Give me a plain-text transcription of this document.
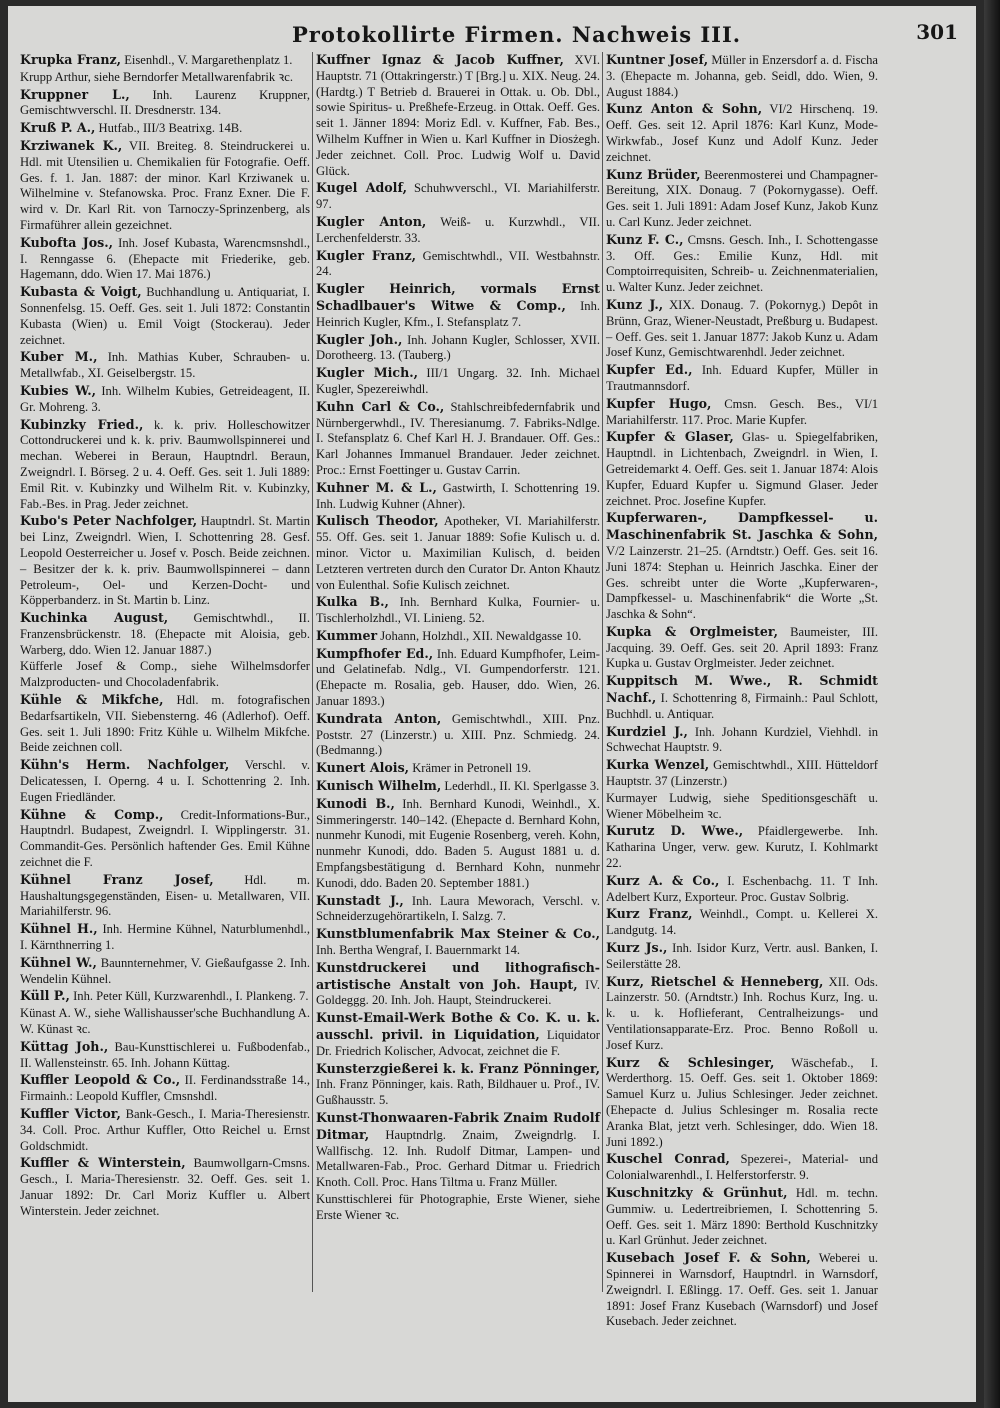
Protokollirte Firmen. Nachweis III.	301
Krupka Franz, Eisenhdl., V. Margarethenplatz 1.
Krupp Arthur, siehe Berndorfer Metallwarenfabrik ꝛc.
Kruppner L., Inh. Laurenz Kruppner, Gemischtwverschl. II. Dresdnerstr. 134.
Kruß P. A., Hutfab., III/3 Beatrixg. 14B.
Krziwanek K., VII. Breiteg. 8. Steindruckerei u. Hdl. mit Utensilien u. Chemikalien für Fotografie. Oeff. Ges. f. 1. Jan. 1887: der minor. Karl Krziwanek u. Wilhelmine v. Stefanowska. Proc. Franz Exner. Die F. wird v. Dr. Karl Rit. von Tarnoczy-Sprinzenberg, als Firmaführer allein gezeichnet.
Kubofta Jos., Inh. Josef Kubasta, Warencmsnshdl., I. Renngasse 6. (Ehepacte mit Friederike, geb. Hagemann, ddo. Wien 17. Mai 1876.)
Kubasta & Voigt, Buchhandlung u. Antiquariat, I. Sonnenfelsg. 15. Oeff. Ges. seit 1. Juli 1872: Constantin Kubasta (Wien) u. Emil Voigt (Stockerau). Jeder zeichnet.
Kuber M., Inh. Mathias Kuber, Schrauben- u. Metallwfab., XI. Geiselbergstr. 15.
Kubies W., Inh. Wilhelm Kubies, Getreideagent, II. Gr. Mohreng. 3.
Kubinzky Fried., k. k. priv. Holleschowitzer Cottondruckerei und k. k. priv. Baumwollspinnerei und mechan. Weberei in Beraun, Hauptndrl. Beraun, Zweigndrl. I. Börseg. 2 u. 4. Oeff. Ges. seit 1. Juli 1889: Emil Rit. v. Kubinzky und Wilhelm Rit. v. Kubinzky, Fab.-Bes. in Prag. Jeder zeichnet.
Kubo's Peter Nachfolger, Hauptndrl. St. Martin bei Linz, Zweigndrl. Wien, I. Schottenring 28. Gesf. Leopold Oesterreicher u. Josef v. Posch. Beide zeichnen. – Besitzer der k. k. priv. Baumwollspinnerei – dann Petroleum-, Oel- und Kerzen-Docht- und Köpperbanderz. in St. Martin b. Linz.
Kuchinka August, Gemischtwhdl., II. Franzensbrückenstr. 18. (Ehepacte mit Aloisia, geb. Warberg, ddo. Wien 12. Januar 1887.)
Küfferle Josef & Comp., siehe Wilhelmsdorfer Malzproducten- und Chocoladenfabrik.
Kühle & Mikfche, Hdl. m. fotografischen Bedarfsartikeln, VII. Siebensterng. 46 (Adlerhof). Oeff. Ges. seit 1. Juli 1890: Fritz Kühle u. Wilhelm Mikfche. Beide zeichnen coll.
Kühn's Herm. Nachfolger, Verschl. v. Delicatessen, I. Operng. 4 u. I. Schottenring 2. Inh. Eugen Friedländer.
Kühne & Comp., Credit-Informations-Bur., Hauptndrl. Budapest, Zweigndrl. I. Wipplingerstr. 31. Commandit-Ges. Persönlich haftender Ges. Emil Kühne zeichnet die F.
Kühnel Franz Josef, Hdl. m. Haushaltungsgegenständen, Eisen- u. Metallwaren, VII. Mariahilferstr. 96.
Kühnel H., Inh. Hermine Kühnel, Naturblumenhdl., I. Kärnthnerring 1.
Kühnel W., Baunnternehmer, V. Gießaufgasse 2. Inh. Wendelin Kühnel.
Küll P., Inh. Peter Küll, Kurzwarenhdl., I. Plankeng. 7.
Künast A. W., siehe Wallishausser'sche Buchhandlung A. W. Künast ꝛc.
Küttag Joh., Bau-Kunsttischlerei u. Fußbodenfab., II. Wallensteinstr. 65. Inh. Johann Küttag.
Kuffler Leopold & Co., II. Ferdinandsstraße 14., Firmainh.: Leopold Kuffler, Cmsnshdl.
Kuffler Victor, Bank-Gesch., I. Maria-Theresienstr. 34. Coll. Proc. Arthur Kuffler, Otto Reichel u. Ernst Goldschmidt.
Kuffler & Winterstein, Baumwollgarn-Cmsns. Gesch., I. Maria-Theresienstr. 32. Oeff. Ges. seit 1. Januar 1892: Dr. Carl Moriz Kuffler u. Albert Winterstein. Jeder zeichnet.
Kuffner Ignaz & Jacob Kuffner, XVI. Hauptstr. 71 (Ottakringerstr.) T [Brg.] u. XIX. Neug. 24. (Hardtg.) T Betrieb d. Brauerei in Ottak. u. Ob. Dbl., sowie Spiritus- u. Preßhefe-Erzeug. in Ottak. Oeff. Ges. seit 1. Jänner 1894: Moriz Edl. v. Kuffner, Fab. Bes., Wilhelm Kuffner in Wien u. Karl Kuffner in Diosżegh. Jeder zeichnet. Coll. Proc. Ludwig Wolf u. David Glück.
Kugel Adolf, Schuhwverschl., VI. Mariahilferstr. 97.
Kugler Anton, Weiß- u. Kurzwhdl., VII. Lerchenfelderstr. 33.
Kugler Franz, Gemischtwhdl., VII. Westbahnstr. 24.
Kugler Heinrich, vormals Ernst Schadlbauer's Witwe & Comp., Inh. Heinrich Kugler, Kfm., I. Stefansplatz 7.
Kugler Joh., Inh. Johann Kugler, Schlosser, XVII. Dorotheerg. 13. (Tauberg.)
Kugler Mich., III/1 Ungarg. 32. Inh. Michael Kugler, Spezereiwhdl.
Kuhn Carl & Co., Stahlschreibfedernfabrik und Nürnbergerwhdl., IV. Theresianumg. 7. Fabriks-Ndlge. I. Stefansplatz 6. Chef Karl H. J. Brandauer. Off. Ges.: Karl Johannes Immanuel Brandauer. Jeder zeichnet. Proc.: Ernst Foettinger u. Gustav Carrin.
Kuhner M. & L., Gastwirth, I. Schottenring 19. Inh. Ludwig Kuhner (Ahner).
Kulisch Theodor, Apotheker, VI. Mariahilferstr. 55. Off. Ges. seit 1. Januar 1889: Sofie Kulisch u. d. minor. Victor u. Maximilian Kulisch, d. beiden Letzteren vertreten durch den Curator Dr. Anton Khautz von Eulenthal. Sofie Kulisch zeichnet.
Kulka B., Inh. Bernhard Kulka, Fournier- u. Tischlerholzhdl., VI. Linieng. 52.
Kummer Johann, Holzhdl., XII. Newaldgasse 10.
Kumpfhofer Ed., Inh. Eduard Kumpfhofer, Leim- und Gelatinefab. Ndlg., VI. Gumpendorferstr. 121. (Ehepacte m. Rosalia, geb. Hauser, ddo. Wien, 26. Januar 1893.)
Kundrata Anton, Gemischtwhdl., XIII. Pnz. Poststr. 27 (Linzerstr.) u. XIII. Pnz. Schmiedg. 24. (Bedmanng.)
Kunert Alois, Krämer in Petronell 19.
Kunisch Wilhelm, Lederhdl., II. Kl. Sperlgasse 3.
Kunodi B., Inh. Bernhard Kunodi, Weinhdl., X. Simmeringerstr. 140–142. (Ehepacte d. Bernhard Kohn, nunmehr Kunodi, mit Eugenie Rosenberg, vereh. Kohn, nunmehr Kunodi, ddo. Baden 5. August 1881 u. d. Empfangsbestätigung d. Bernhard Kohn, nunmehr Kunodi, ddo. Baden 20. September 1881.)
Kunstadt J., Inh. Laura Meworach, Verschl. v. Schneiderzugehörartikeln, I. Salzg. 7.
Kunstblumenfabrik Max Steiner & Co., Inh. Bertha Wengraf, I. Bauernmarkt 14.
Kunstdruckerei und lithografisch-artistische Anstalt von Joh. Haupt, IV. Goldeggg. 20. Inh. Joh. Haupt, Steindruckerei.
Kunst-Email-Werk Bothe & Co. K. u. k. ausschl. privil. in Liquidation, Liquidator Dr. Friedrich Kolischer, Advocat, zeichnet die F.
Kunsterzgießerei k. k. Franz Pönninger, Inh. Franz Pönninger, kais. Rath, Bildhauer u. Prof., IV. Gußhausstr. 5.
Kunst-Thonwaaren-Fabrik Znaim Rudolf Ditmar, Hauptndrlg. Znaim, Zweigndrlg. I. Wallfischg. 12. Inh. Rudolf Ditmar, Lampen- und Metallwaren-Fab., Proc. Gerhard Ditmar u. Friedrich Knoth. Coll. Proc. Hans Tiltma u. Franz Müller.
Kunsttischlerei für Photographie, Erste Wiener, siehe Erste Wiener ꝛc.
Kuntner Josef, Müller in Enzersdorf a. d. Fischa 3. (Ehepacte m. Johanna, geb. Seidl, ddo. Wien, 9. August 1884.)
Kunz Anton & Sohn, VI/2 Hirschenq. 19. Oeff. Ges. seit 12. April 1876: Karl Kunz, Mode-Wirkwfab., Josef Kunz und Adolf Kunz. Jeder zeichnet.
Kunz Brüder, Beerenmosterei und Champagner-Bereitung, XIX. Donaug. 7 (Pokornygasse). Oeff. Ges. seit 1. Juli 1891: Adam Josef Kunz, Jakob Kunz u. Carl Kunz. Jeder zeichnet.
Kunz F. C., Cmsns. Gesch. Inh., I. Schottengasse 3. Off. Ges.: Emilie Kunz, Hdl. mit Comptoirrequisiten, Schreib- u. Zeichnenmaterialien, u. Walter Kunz. Jeder zeichnet.
Kunz J., XIX. Donaug. 7. (Pokornyg.) Depôt in Brünn, Graz, Wiener-Neustadt, Preßburg u. Budapest. – Oeff. Ges. seit 1. Januar 1877: Jakob Kunz u. Adam Josef Kunz, Gemischtwarenhdl. Jeder zeichnet.
Kupfer Ed., Inh. Eduard Kupfer, Müller in Trautmannsdorf.
Kupfer Hugo, Cmsn. Gesch. Bes., VI/1 Mariahilferstr. 117. Proc. Marie Kupfer.
Kupfer & Glaser, Glas- u. Spiegelfabriken, Hauptndl. in Lichtenbach, Zweigndrl. in Wien, I. Getreidemarkt 4. Oeff. Ges. seit 1. Januar 1874: Alois Kupfer, Eduard Kupfer u. Sigmund Glaser. Jeder zeichnet. Proc. Josefine Kupfer.
Kupferwaren-, Dampfkessel- u. Maschinenfabrik St. Jaschka & Sohn, V/2 Lainzerstr. 21–25. (Arndtstr.) Oeff. Ges. seit 16. Juni 1874: Stephan u. Heinrich Jaschka. Einer der Ges. schreibt unter die Worte „Kupferwaren-, Dampfkessel- u. Maschinenfabrik“ die Worte „St. Jaschka & Sohn“.
Kupka & Orglmeister, Baumeister, III. Jacquing. 39. Oeff. Ges. seit 20. April 1893: Franz Kupka u. Gustav Orglmeister. Jeder zeichnet.
Kuppitsch M. Wwe., R. Schmidt Nachf., I. Schottenring 8, Firmainh.: Paul Schlott, Buchhdl. u. Antiquar.
Kurdziel J., Inh. Johann Kurdziel, Viehhdl. in Schwechat Hauptstr. 9.
Kurka Wenzel, Gemischtwhdl., XIII. Hütteldorf Hauptstr. 37 (Linzerstr.)
Kurmayer Ludwig, siehe Speditionsgeschäft u. Wiener Möbelheim ꝛc.
Kurutz D. Wwe., Pfaidlergewerbe. Inh. Katharina Unger, verw. gew. Kurutz, I. Kohlmarkt 22.
Kurz A. & Co., I. Eschenbachg. 11. T Inh. Adelbert Kurz, Exporteur. Proc. Gustav Solbrig.
Kurz Franz, Weinhdl., Compt. u. Kellerei X. Landgutg. 14.
Kurz Js., Inh. Isidor Kurz, Vertr. ausl. Banken, I. Seilerstätte 28.
Kurz, Rietschel & Henneberg, XII. Ods. Lainzerstr. 50. (Arndtstr.) Inh. Rochus Kurz, Ing. u. k. u. k. Hoflieferant, Centralheizungs- und Ventilationsapparate-Erz. Proc. Benno Roßoll u. Josef Kurz.
Kurz & Schlesinger, Wäschefab., I. Werderthorg. 15. Oeff. Ges. seit 1. Oktober 1869: Samuel Kurz u. Julius Schlesinger. Jeder zeichnet. (Ehepacte d. Julius Schlesinger m. Rosalia recte Aranka Blat, jetzt verh. Schlesinger, ddo. Wien 18. Juni 1892.)
Kuschel Conrad, Spezerei-, Material- und Colonialwarenhdl., I. Helferstorferstr. 9.
Kuschnitzky & Grünhut, Hdl. m. techn. Gummiw. u. Ledertreibriemen, I. Schottenring 5. Oeff. Ges. seit 1. März 1890: Berthold Kuschnitzky u. Karl Grünhut. Jeder zeichnet.
Kusebach Josef F. & Sohn, Weberei u. Spinnerei in Warnsdorf, Hauptndrl. in Warnsdorf, Zweigndrl. I. Eßlingg. 17. Oeff. Ges. seit 1. Januar 1891: Josef Franz Kusebach (Warnsdorf) und Josef Kusebach. Jeder zeichnet.
